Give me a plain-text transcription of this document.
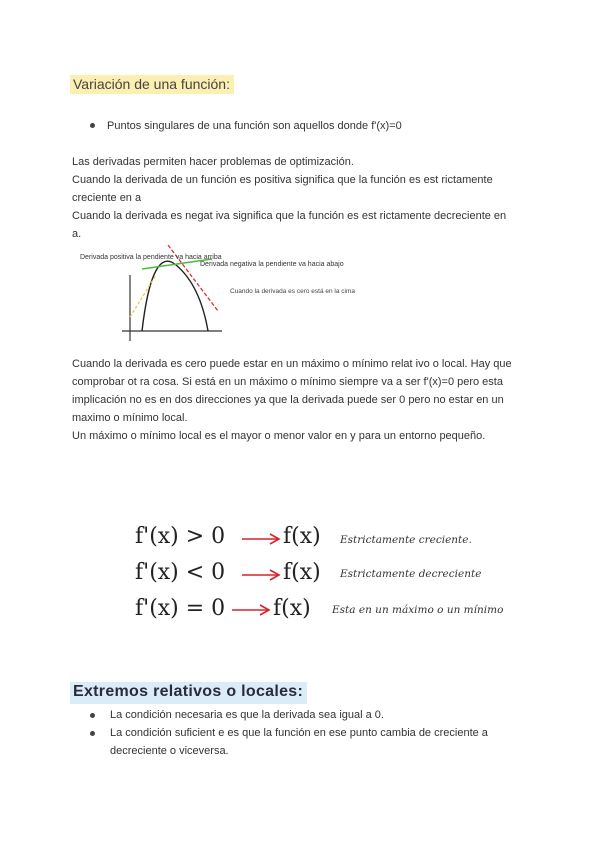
Variación de una función:
Puntos singulares de una función son aquellos donde f'(x)=0

Las derivadas permiten hacer problemas de optimización.

Cuando la derivada de un función es positiva significa que la función es est rictamente

creciente en a

Cuando la derivada es negat iva significa que la función es est rictamente decreciente en

a.

Derivada positiva la pendiente va hacia arriba
Derivada negativa la pendiente va hacia abajo
Cuando la derivada es cero está en la cima

Cuando la derivada es cero puede estar en un máximo o mínimo relat ivo o local. Hay que

comprobar ot ra cosa. Si está en un máximo o mínimo siempre va a ser f'(x)=0 pero esta

implicación no es en dos direcciones ya que la derivada puede ser 0 pero no estar en un

maximo o mínimo local.

Un máximo o mínimo local es el mayor o menor valor en y para un entorno pequeño.

f'(x) > 0	f(x) Estrictamente creciente.
f'(x) < 0	f(x) Estrictamente decreciente
f'(x) = 0 f(x) Esta en un máximo o un mínimo
Extremos relativos o locales:
La condición necesaria es que la derivada sea igual a 0.
La condición suficient e es que la función en ese punto cambia de creciente a decreciente o viceversa.
